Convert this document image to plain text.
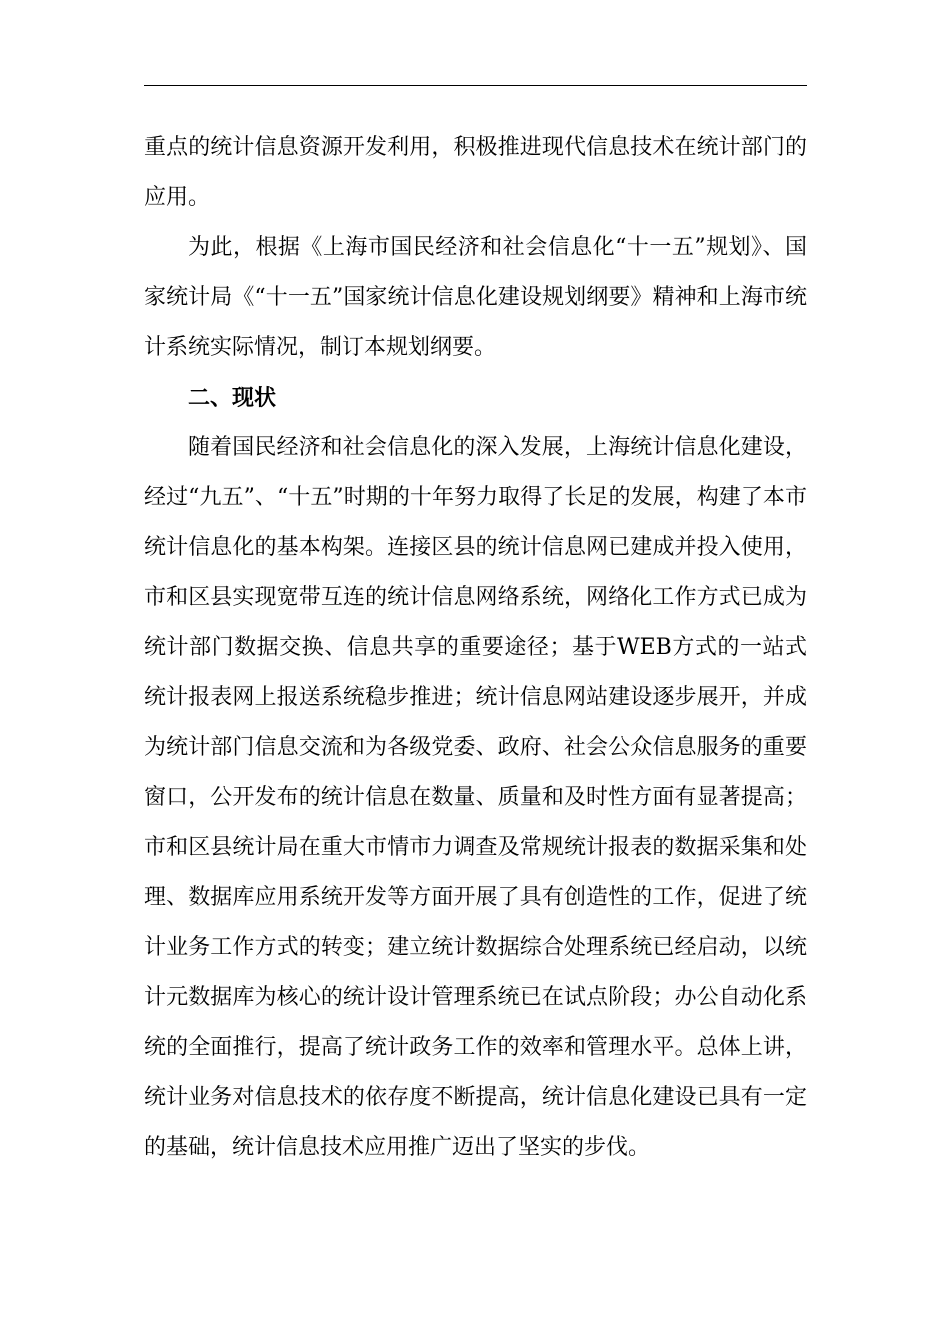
重点的统计信息资源开发利用，积极推进现代信息技术在统计部门的应用。

为此，根据《上海市国民经济和社会信息化“十一五”规划》、国家统计局《“十一五”国家统计信息化建设规划纲要》精神和上海市统计系统实际情况，制订本规划纲要。

二、现状

随着国民经济和社会信息化的深入发展，上海统计信息化建设，经过“九五”、“十五”时期的十年努力取得了长足的发展，构建了本市统计信息化的基本构架。连接区县的统计信息网已建成并投入使用，市和区县实现宽带互连的统计信息网络系统，网络化工作方式已成为统计部门数据交换、信息共享的重要途径；基于WEB方式的一站式统计报表网上报送系统稳步推进；统计信息网站建设逐步展开，并成为统计部门信息交流和为各级党委、政府、社会公众信息服务的重要窗口，公开发布的统计信息在数量、质量和及时性方面有显著提高；市和区县统计局在重大市情市力调查及常规统计报表的数据采集和处理、数据库应用系统开发等方面开展了具有创造性的工作，促进了统计业务工作方式的转变；建立统计数据综合处理系统已经启动，以统计元数据库为核心的统计设计管理系统已在试点阶段；办公自动化系统的全面推行，提高了统计政务工作的效率和管理水平。总体上讲，统计业务对信息技术的依存度不断提高，统计信息化建设已具有一定的基础，统计信息技术应用推广迈出了坚实的步伐。
